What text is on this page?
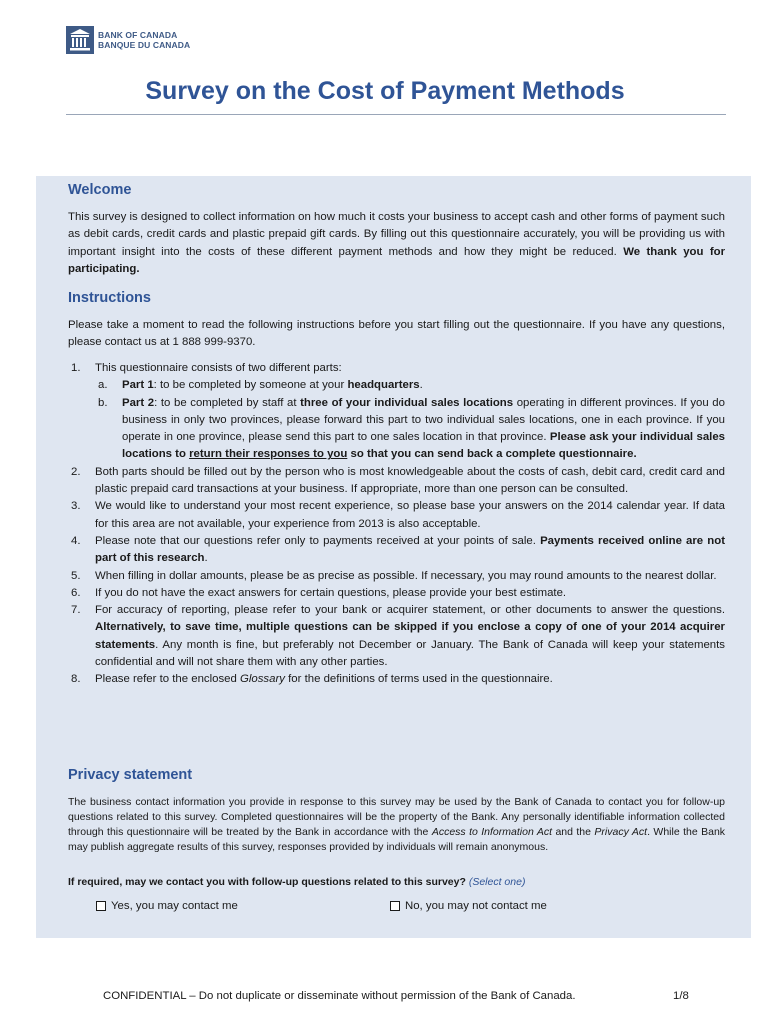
BANK OF CANADA
BANQUE DU CANADA
Survey on the Cost of Payment Methods
Welcome

This survey is designed to collect information on how much it costs your business to accept cash and other forms of payment such as debit cards, credit cards and plastic prepaid gift cards. By filling out this questionnaire accurately, you will be providing us with important insight into the costs of these different payment methods and how they might be reduced. We thank you for participating.

Instructions

Please take a moment to read the following instructions before you start filling out the questionnaire. If you have any questions, please contact us at 1 888 999-9370.

1. This questionnaire consists of two different parts:
a. Part 1: to be completed by someone at your headquarters.
b. Part 2: to be completed by staff at three of your individual sales locations operating in different provinces. If you do business in only two provinces, please forward this part to two individual sales locations, one in each province. If you operate in one province, please send this part to one sales location in that province. Please ask your individual sales locations to return their responses to you so that you can send back a complete questionnaire.
2. Both parts should be filled out by the person who is most knowledgeable about the costs of cash, debit card, credit card and plastic prepaid card transactions at your business. If appropriate, more than one person can be consulted.
3. We would like to understand your most recent experience, so please base your answers on the 2014 calendar year. If data for this area are not available, your experience from 2013 is also acceptable.
4. Please note that our questions refer only to payments received at your points of sale. Payments received online are not part of this research.
5. When filling in dollar amounts, please be as precise as possible. If necessary, you may round amounts to the nearest dollar.
6. If you do not have the exact answers for certain questions, please provide your best estimate.
7. For accuracy of reporting, please refer to your bank or acquirer statement, or other documents to answer the questions. Alternatively, to save time, multiple questions can be skipped if you enclose a copy of one of your 2014 acquirer statements. Any month is fine, but preferably not December or January. The Bank of Canada will keep your statements confidential and will not share them with any other parties.
8. Please refer to the enclosed Glossary for the definitions of terms used in the questionnaire.
Privacy statement

The business contact information you provide in response to this survey may be used by the Bank of Canada to contact you for follow-up questions related to this survey. Completed questionnaires will be the property of the Bank. Any personally identifiable information collected through this questionnaire will be treated by the Bank in accordance with the Access to Information Act and the Privacy Act. While the Bank may publish aggregate results of this survey, responses provided by individuals will remain anonymous.

If required, may we contact you with follow-up questions related to this survey? (Select one)

Yes, you may contact me	No, you may not contact me
CONFIDENTIAL – Do not duplicate or disseminate without permission of the Bank of Canada.	1/8
